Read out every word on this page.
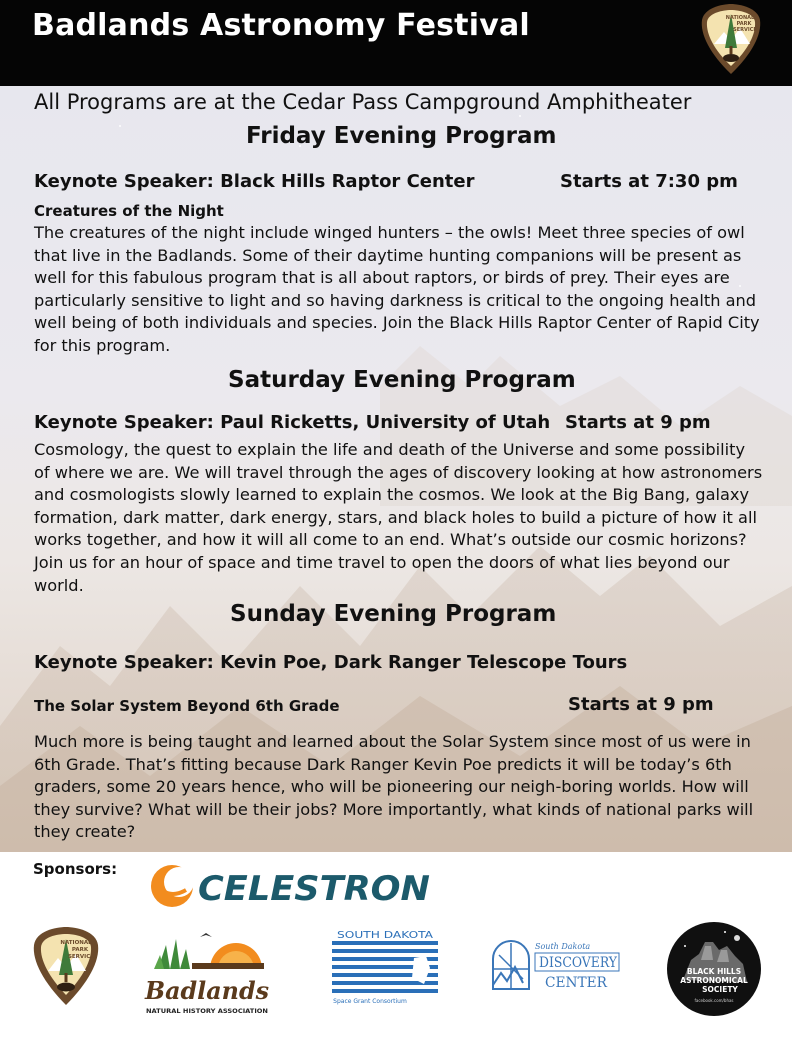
Badlands Astronomy Festival	NATIONAL
PARK
SERVICE
All Programs are at the Cedar Pass Campground Amphitheater
Friday Evening Program
Keynote Speaker: Black Hills Raptor Center	Starts at 7:30 pm
Creatures of the Night
The creatures of the night include winged hunters – the owls! Meet three species of owl that live in the Badlands. Some of their daytime hunting companions will be present as well for this fabulous program that is all about raptors, or birds of prey. Their eyes are particularly sensitive to light and so having darkness is critical to the ongoing health and well being of both individuals and species. Join the Black Hills Raptor Center of Rapid City for this program.
Saturday Evening Program
Keynote Speaker: Paul Ricketts, University of Utah Starts at 9 pm
Cosmology, the quest to explain the life and death of the Universe and some possibility of where we are. We will travel through the ages of discovery looking at how astronomers and cosmologists slowly learned to explain the cosmos. We look at the Big Bang, galaxy formation, dark matter, dark energy, stars, and black holes to build a picture of how it all works together, and how it will all come to an end. What’s outside our cosmic horizons? Join us for an hour of space and time travel to open the doors of what lies beyond our world.
Sunday Evening Program
Keynote Speaker: Kevin Poe, Dark Ranger Telescope Tours
The Solar System Beyond 6th Grade	Starts at 9 pm
Much more is being taught and learned about the Solar System since most of us were in 6th Grade. That’s fitting because Dark Ranger Kevin Poe predicts it will be today’s 6th graders, some 20 years hence, who will be pioneering our neigh-boring worlds. How will they survive? What will be their jobs? More importantly, what kinds of national parks will they create?
Sponsors: CELESTRON
NATIONAL
PARK
SERVICE
Badlands
NATURAL HISTORY ASSOCIATION
SOUTH DAKOTA
Space Grant Consortium
South Dakota
DISCOVERY
CENTER
BLACK HILLS
ASTRONOMICAL
SOCIETY
facebook.com/bhas
